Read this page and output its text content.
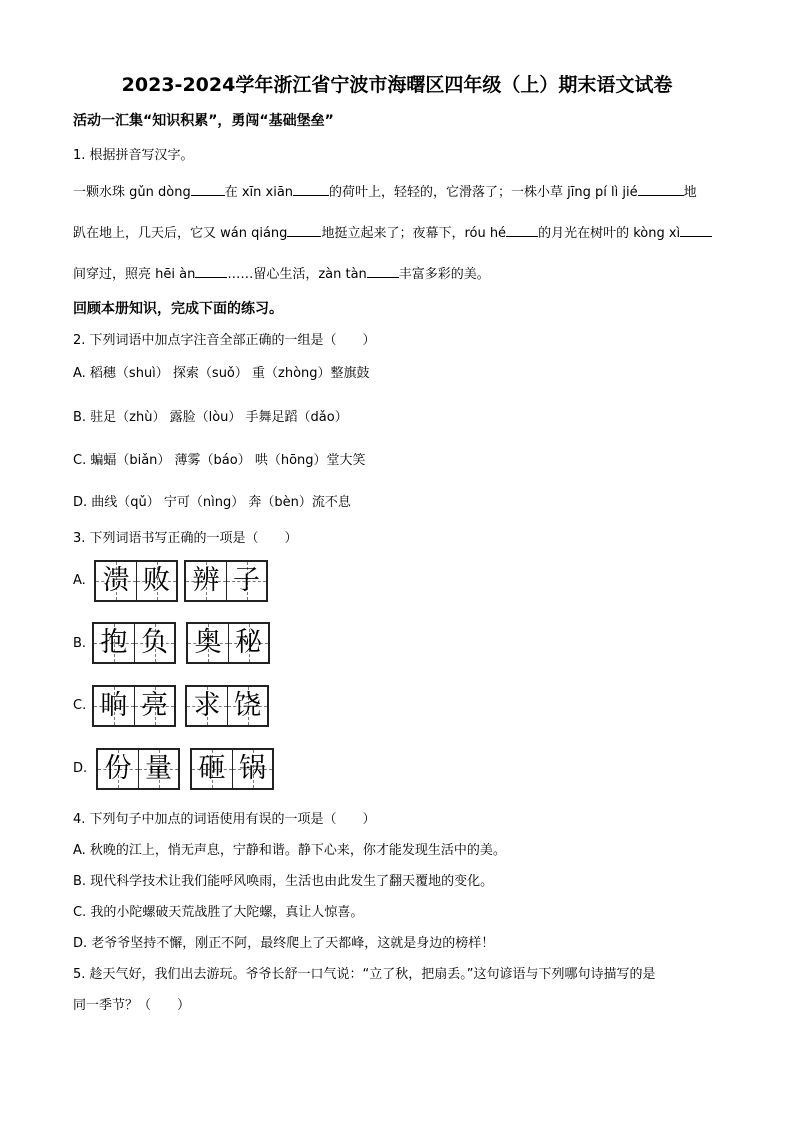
2023-2024学年浙江省宁波市海曙区四年级（上）期末语文试卷
活动一汇集“知识积累”，勇闯“基础堡垒”
1. 根据拼音写汉字。
一颗水珠 gǔn dòng	在 xīn xiān	的荷叶上，轻轻的，它滑落了；一株小草 jīng pí lì jié	地
趴在地上，几天后，它又 wán qiáng	地挺立起来了；夜幕下，róu hé 的月光在树叶的 kòng xì
间穿过，照亮 hēi àn ……留心生活，zàn tàn 丰富多彩的美。
回顾本册知识，完成下面的练习。
2. 下列词语中加点字注音全部正确的一组是（　　）
A. 稻穗（shuì） 探索（suǒ） 重（zhòng）整旗鼓
B. 驻足（zhù） 露脸（lòu） 手舞足蹈（dǎo）
C. 蝙蝠（biǎn） 薄雾（báo） 哄（hōng）堂大笑
D. 曲线（qǔ） 宁可（nìng） 奔（bèn）流不息
3. 下列词语书写正确的一项是（　　）
A. 溃 败 辨 子
B. 抱 负 奥 秘
C. 晌 亮 求 饶
D. 份 量 砸 锅
4. 下列句子中加点的词语使用有误的一项是（　　）
A. 秋晚的江上，悄无声息，宁静和谐。静下心来，你才能发现生活中的美。
B. 现代科学技术让我们能呼风唤雨，生活也由此发生了翻天覆地的变化。
C. 我的小陀螺破天荒战胜了大陀螺，真让人惊喜。
D. 老爷爷坚持不懈，刚正不阿，最终爬上了天都峰，这就是身边的榜样！
5. 趁天气好，我们出去游玩。爷爷长舒一口气说：“立了秋，把扇丢。”这句谚语与下列哪句诗描写的是
同一季节？（　　）
